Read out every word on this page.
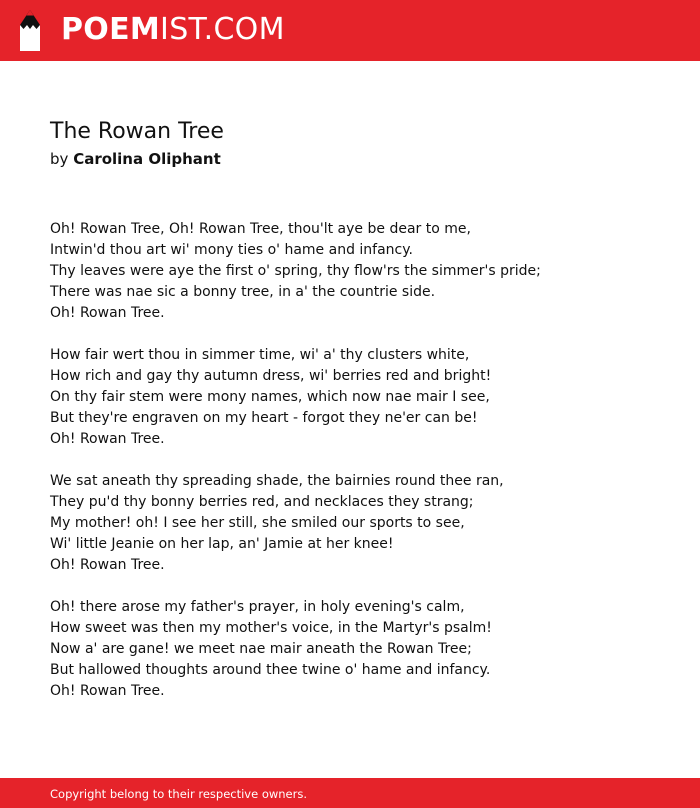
POEMIST.COM
The Rowan Tree
by Carolina Oliphant
Oh! Rowan Tree, Oh! Rowan Tree, thou'lt aye be dear to me,
Intwin'd thou art wi' mony ties o' hame and infancy.
Thy leaves were aye the first o' spring, thy flow'rs the simmer's pride;
There was nae sic a bonny tree, in a' the countrie side.
Oh! Rowan Tree.
How fair wert thou in simmer time, wi' a' thy clusters white,
How rich and gay thy autumn dress, wi' berries red and bright!
On thy fair stem were mony names, which now nae mair I see,
But they're engraven on my heart - forgot they ne'er can be!
Oh! Rowan Tree.
We sat aneath thy spreading shade, the bairnies round thee ran,
They pu'd thy bonny berries red, and necklaces they strang;
My mother! oh! I see her still, she smiled our sports to see,
Wi' little Jeanie on her lap, an' Jamie at her knee!
Oh! Rowan Tree.
Oh! there arose my father's prayer, in holy evening's calm,
How sweet was then my mother's voice, in the Martyr's psalm!
Now a' are gane! we meet nae mair aneath the Rowan Tree;
But hallowed thoughts around thee twine o' hame and infancy.
Oh! Rowan Tree.
Copyright belong to their respective owners.
